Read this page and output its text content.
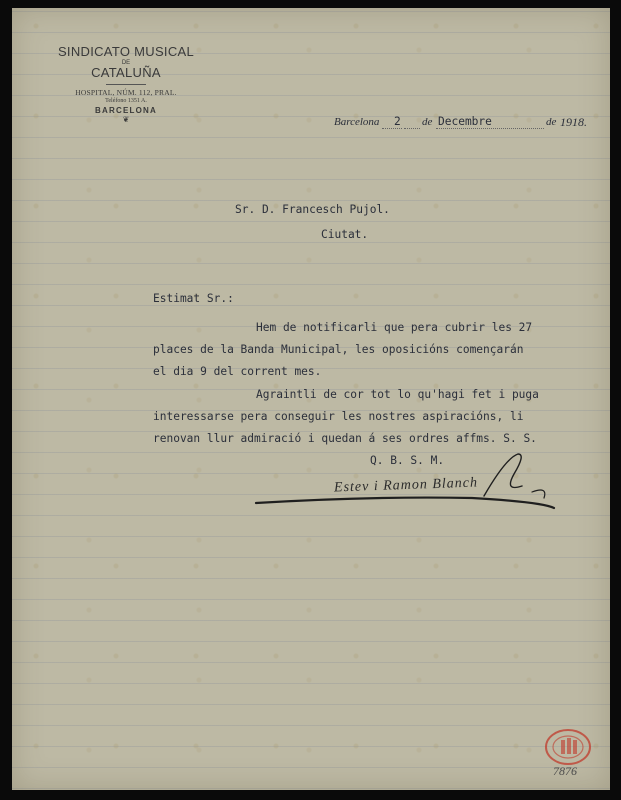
SINDICATO MUSICAL
DE
CATALUÑA
HOSPITAL, NÚM. 112, PRAL.
Teléfono 1351 A.
BARCELONA
❦	Barcelona 2 de Decembre	de 1918.
Sr. D. Francesch Pujol.
Ciutat.
Estimat Sr.:
Hem de notificarli que pera cubrir les 27
places de la Banda Municipal, les oposicións començarán
el dia 9 del corrent mes.
Agraintli de cor tot lo qu'hagi fet i puga
interessarse pera conseguir les nostres aspiracións, li
renovan llur admiració i quedan á ses ordres affms. S. S.
Q. B. S. M.
Estev i Ramon Blanch
7876
